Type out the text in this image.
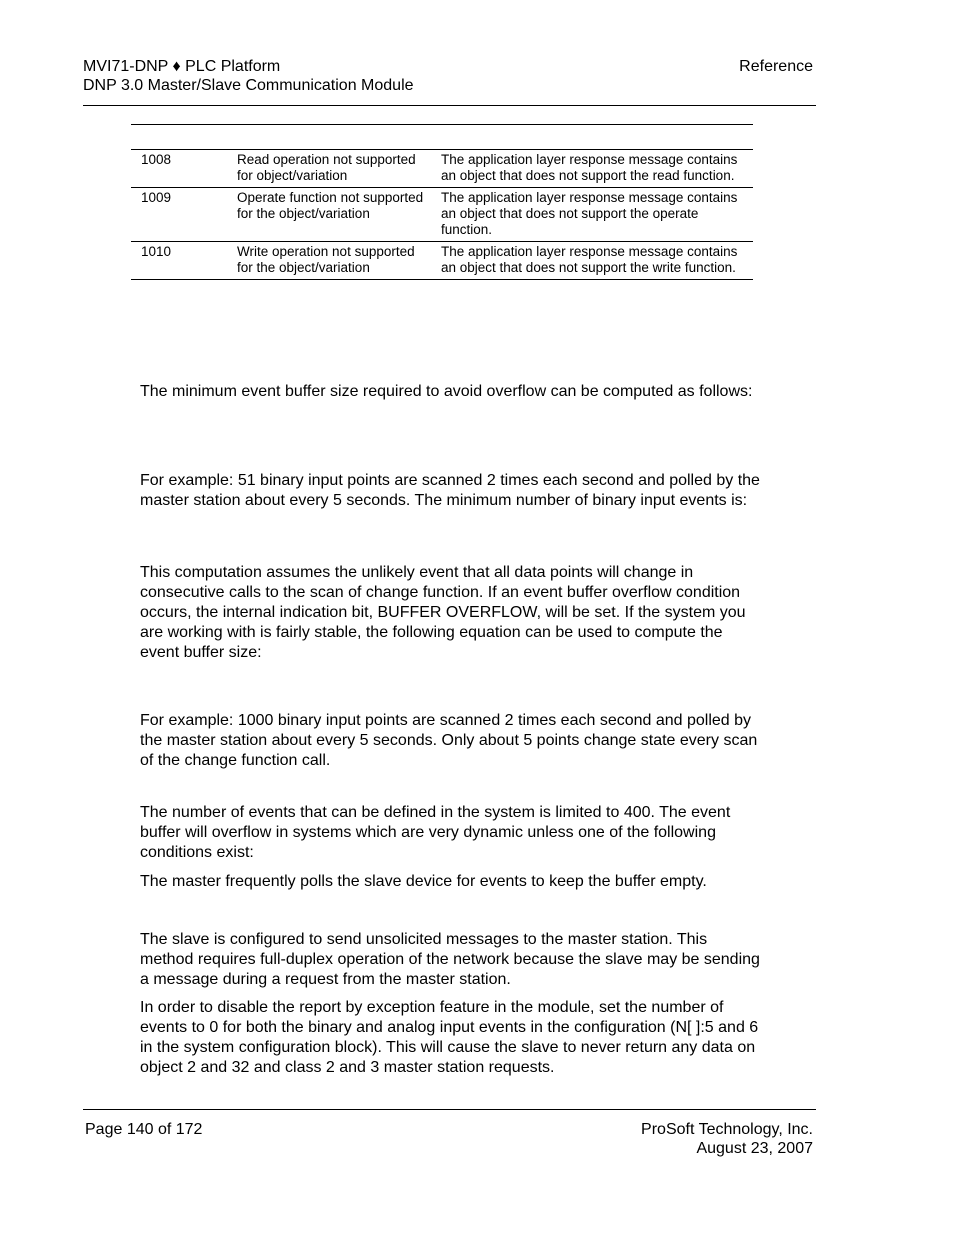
MVI71-DNP ♦ PLC Platform
DNP 3.0 Master/Slave Communication Module
Reference
1008	Read operation not supported for object/variation	The application layer response message contains an object that does not support the read function.
1009	Operate function not supported for the object/variation	The application layer response message contains an object that does not support the operate function.
1010	Write operation not supported for the object/variation	The application layer response message contains an object that does not support the write function.

The minimum event buffer size required to avoid overflow can be computed as follows:

For example: 51 binary input points are scanned 2 times each second and polled by the master station about every 5 seconds. The minimum number of binary input events is:

This computation assumes the unlikely event that all data points will change in consecutive calls to the scan of change function. If an event buffer overflow condition occurs, the internal indication bit, BUFFER OVERFLOW, will be set. If the system you are working with is fairly stable, the following equation can be used to compute the event buffer size:

For example: 1000 binary input points are scanned 2 times each second and polled by the master station about every 5 seconds. Only about 5 points change state every scan of the change function call.

The number of events that can be defined in the system is limited to 400. The event buffer will overflow in systems which are very dynamic unless one of the following conditions exist:

The master frequently polls the slave device for events to keep the buffer empty.

The slave is configured to send unsolicited messages to the master station. This method requires full-duplex operation of the network because the slave may be sending a message during a request from the master station.

In order to disable the report by exception feature in the module, set the number of events to 0 for both the binary and analog input events in the configuration (N[ ]:5 and 6 in the system configuration block). This will cause the slave to never return any data on object 2 and 32 and class 2 and 3 master station requests.

Page 140 of 172	ProSoft Technology, Inc.
August 23, 2007
